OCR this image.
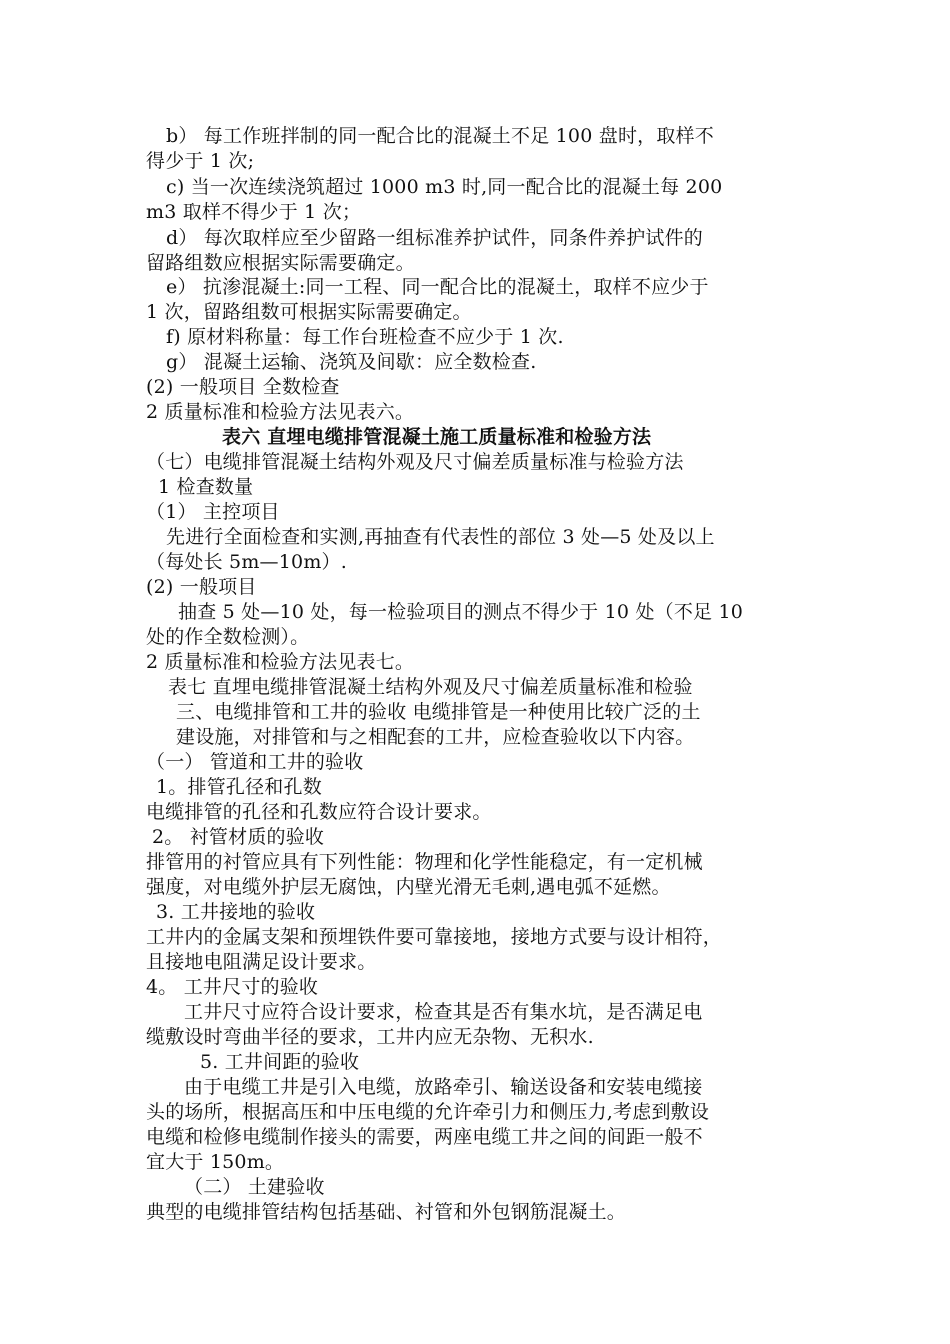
b） 每工作班拌制的同一配合比的混凝土不足 100 盘时，取样不
得少于 1 次;
c) 当一次连续浇筑超过 1000 m3 时,同一配合比的混凝土每 200
m3 取样不得少于 1 次；
d） 每次取样应至少留路一组标准养护试件，同条件养护试件的
留路组数应根据实际需要确定。
e） 抗渗混凝土:同一工程、同一配合比的混凝土，取样不应少于
1 次，留路组数可根据实际需要确定。
f) 原材料称量：每工作台班检查不应少于 1 次.
g） 混凝土运输、浇筑及间歇：应全数检查.
(2) 一般项目 全数检查
2 质量标准和检验方法见表六。
表六 直埋电缆排管混凝土施工质量标准和检验方法
（七）电缆排管混凝土结构外观及尺寸偏差质量标准与检验方法
1 检查数量
（1） 主控项目
先进行全面检查和实测,再抽查有代表性的部位 3 处—5 处及以上
（每处长 5m—10m）.
(2) 一般项目
抽查 5 处—10 处，每一检验项目的测点不得少于 10 处（不足 10
处的作全数检测）。
2 质量标准和检验方法见表七。
表七 直埋电缆排管混凝土结构外观及尺寸偏差质量标准和检验
三、电缆排管和工井的验收 电缆排管是一种使用比较广泛的土
建设施，对排管和与之相配套的工井，应检查验收以下内容。
（一） 管道和工井的验收
1。排管孔径和孔数
电缆排管的孔径和孔数应符合设计要求。
2。 衬管材质的验收
排管用的衬管应具有下列性能：物理和化学性能稳定，有一定机械
强度，对电缆外护层无腐蚀，内壁光滑无毛刺,遇电弧不延燃。
3. 工井接地的验收
工井内的金属支架和预埋铁件要可靠接地，接地方式要与设计相符，
且接地电阻满足设计要求。
4。 工井尺寸的验收
工井尺寸应符合设计要求，检查其是否有集水坑，是否满足电
缆敷设时弯曲半径的要求，工井内应无杂物、无积水.
5. 工井间距的验收
由于电缆工井是引入电缆，放路牵引、输送设备和安装电缆接
头的场所，根据高压和中压电缆的允许牵引力和侧压力,考虑到敷设
电缆和检修电缆制作接头的需要，两座电缆工井之间的间距一般不
宜大于 150m。
（二） 土建验收
典型的电缆排管结构包括基础、衬管和外包钢筋混凝土。
